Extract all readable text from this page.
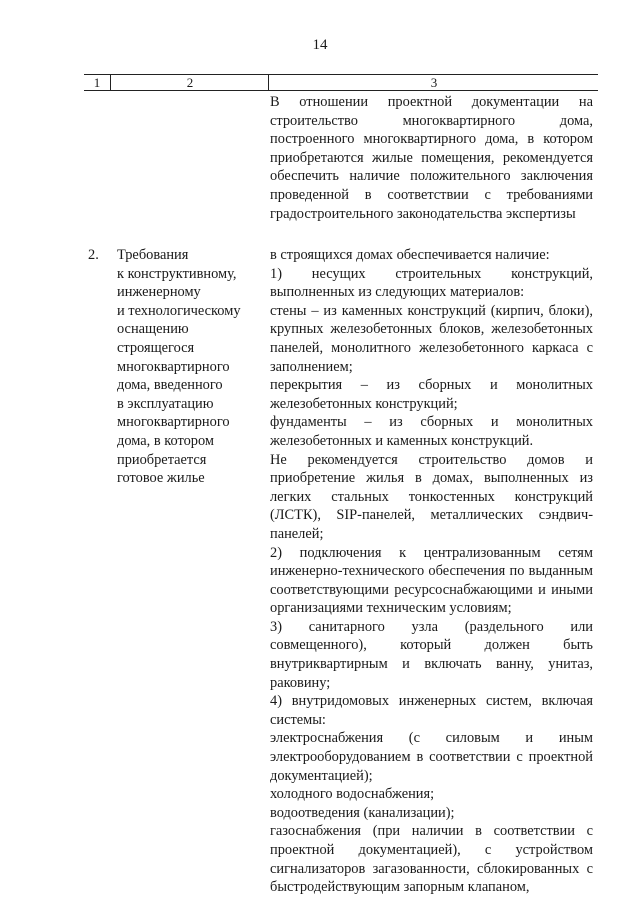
14
1	2	3

В отношении проектной документации на строительство многоквартирного дома, построенного многоквартирного дома, в котором приобретаются жилые помещения, рекомендуется обеспечить наличие положительного заключения проведенной в соответствии с требованиями градостроительного законодательства экспертизы

2. Требования
к конструктивному,
инженерному
и технологическому
оснащению
строящегося
многоквартирного
дома, введенного
в эксплуатацию
многоквартирного
дома, в котором
приобретается
готовое жилье

в строящихся домах обеспечивается наличие:

1) несущих строительных конструкций, выполненных из следующих материалов:

стены – из каменных конструкций (кирпич, блоки), крупных железобетонных блоков, железобетонных панелей, монолитного железобетонного каркаса с заполнением;

перекрытия – из сборных и монолитных железобетонных конструкций;

фундаменты – из сборных и монолитных железобетонных и каменных конструкций.

Не рекомендуется строительство домов и приобретение жилья в домах, выполненных из легких стальных тонкостенных конструкций (ЛСТК), SIP-панелей, металлических сэндвич-панелей;

2) подключения к централизованным сетям инженерно-технического обеспечения по выданным соответствующими ресурсоснабжающими и иными организациями техническим условиям;

3) санитарного узла (раздельного или совмещенного), который должен быть внутриквартирным и включать ванну, унитаз, раковину;

4) внутридомовых инженерных систем, включая системы:

электроснабжения (с силовым и иным электрооборудованием в соответствии с проектной документацией);

холодного водоснабжения;

водоотведения (канализации);

газоснабжения (при наличии в соответствии с проектной документацией), с устройством сигнализаторов загазованности, сблокированных с быстродействующим запорным клапаном,
